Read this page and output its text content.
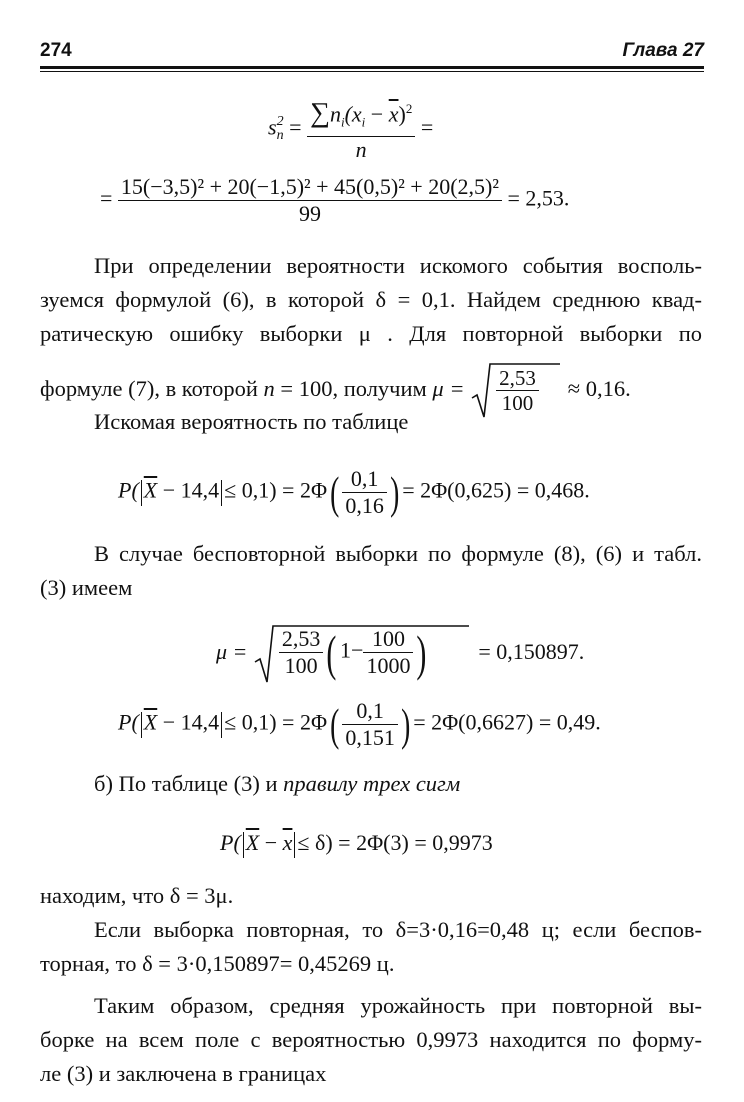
274	Глава 27
s 2
$n = \frac{\sum n_i(x_i - \overline{x})^2}{n}$ =
= $\frac{\text{15(−3,5)² + 20(−1,5)² + 45(0,5)² + 20(2,5)²}}{99} = 2,53$.
При определении вероятности искомого события восполь-
зуемся формулой (6), в которой δ = 0,1. Найдем среднюю квад-
ратическую ошибку выборки μ . Для повторной выборки по
формуле (7), в которой n = 100, получим $\mu = \frac{2,53}{100} \approx 0,16$.
Искомая вероятность по таблице
P( $\overline{X} - 14,4 \le 0,1) = 2\Phi( \frac{0,1}{0,16}$ ) = 2Φ(0,625) = 0,468.
В случае бесповторной выборки по формуле (8), (6) и табл.
(3) имеем
$\mu = \frac{2,53}{100}$ ( $1- \frac{100}{1000}$ ) = 0,150897.
P( $\overline{X} - 14,4 \le 0,1) = 2\Phi( \frac{0,1}{0,151}$ ) = 2Φ(0,6627) = 0,49.
б) По таблице (3) и правилу трех сигм
P( $\overline{X} - \overline{x} \le \delta) = 2\Phi(3) = 0,9973$
находим, что δ = 3μ.
Если выборка повторная, то δ=3·0,16=0,48 ц; если беспов-
торная, то δ = 3·0,150897= 0,45269 ц.
Таким образом, средняя урожайность при повторной вы-
борке на всем поле с вероятностью 0,9973 находится по форму-
ле (3) и заключена в границах
